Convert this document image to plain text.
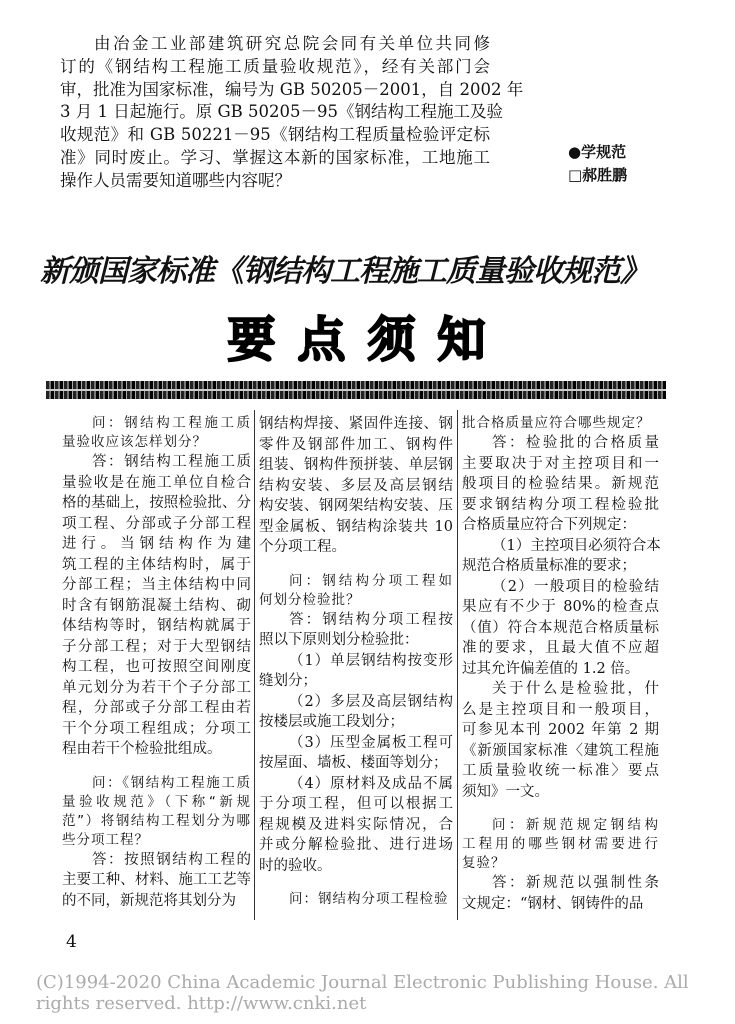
由冶金工业部建筑研究总院会同有关单位共同修
订的《钢结构工程施工质量验收规范》，经有关部门会
审，批准为国家标准，编号为 GB 50205－2001，自 2002 年
3 月 1 日起施行。原 GB 50205－95《钢结构工程施工及验
收规范》和 GB 50221－95《钢结构工程质量检验评定标
准》同时废止。学习、掌握这本新的国家标准，工地施工
操作人员需要知道哪些内容呢？
●学规范
□郝胜鹏
新颁国家标准《钢结构工程施工质量验收规范》
要点须知
问：钢结构工程施工质
量验收应该怎样划分？
答：钢结构工程施工质
量验收是在施工单位自检合
格的基础上，按照检验批、分
项工程、分部或子分部工程
进行。当钢结构作为建
筑工程的主体结构时，属于
分部工程；当主体结构中同
时含有钢筋混凝土结构、砌
体结构等时，钢结构就属于
子分部工程；对于大型钢结
构工程，也可按照空间刚度
单元划分为若干个子分部工
程，分部或子分部工程由若
干个分项工程组成；分项工
程由若干个检验批组成。
问：《钢结构工程施工质
量验收规范》（下称“新规
范”）将钢结构工程划分为哪
些分项工程？
答：按照钢结构工程的
主要工种、材料、施工工艺等
的不同，新规范将其划分为
钢结构焊接、紧固件连接、钢
零件及钢部件加工、钢构件
组装、钢构件预拼装、单层钢
结构安装、多层及高层钢结
构安装、钢网架结构安装、压
型金属板、钢结构涂装共 10
个分项工程。
问：钢结构分项工程如
何划分检验批？
答：钢结构分项工程按
照以下原则划分检验批：
（1）单层钢结构按变形
缝划分；
（2）多层及高层钢结构
按楼层或施工段划分；
（3）压型金属板工程可
按屋面、墙板、楼面等划分；
（4）原材料及成品不属
于分项工程，但可以根据工
程规模及进料实际情况，合
并或分解检验批、进行进场
时的验收。
问：钢结构分项工程检验
批合格质量应符合哪些规定？
答：检验批的合格质量
主要取决于对主控项目和一
般项目的检验结果。新规范
要求钢结构分项工程检验批
合格质量应符合下列规定：
（1）主控项目必须符合本
规范合格质量标准的要求；
（2）一般项目的检验结
果应有不少于 80%的检查点
（值）符合本规范合格质量标
准的要求，且最大值不应超
过其允许偏差值的 1.2 倍。
关于什么是检验批，什
么是主控项目和一般项目，
可参见本刊 2002 年第 2 期
《新颁国家标准〈建筑工程施
工质量验收统一标准〉要点
须知》一文。
问：新规范规定钢结构
工程用的哪些钢材需要进行
复验？
答：新规范以强制性条
文规定：“钢材、钢铸件的品
4
(C)1994-2020 China Academic Journal Electronic Publishing House. All rights reserved. http://www.cnki.net
